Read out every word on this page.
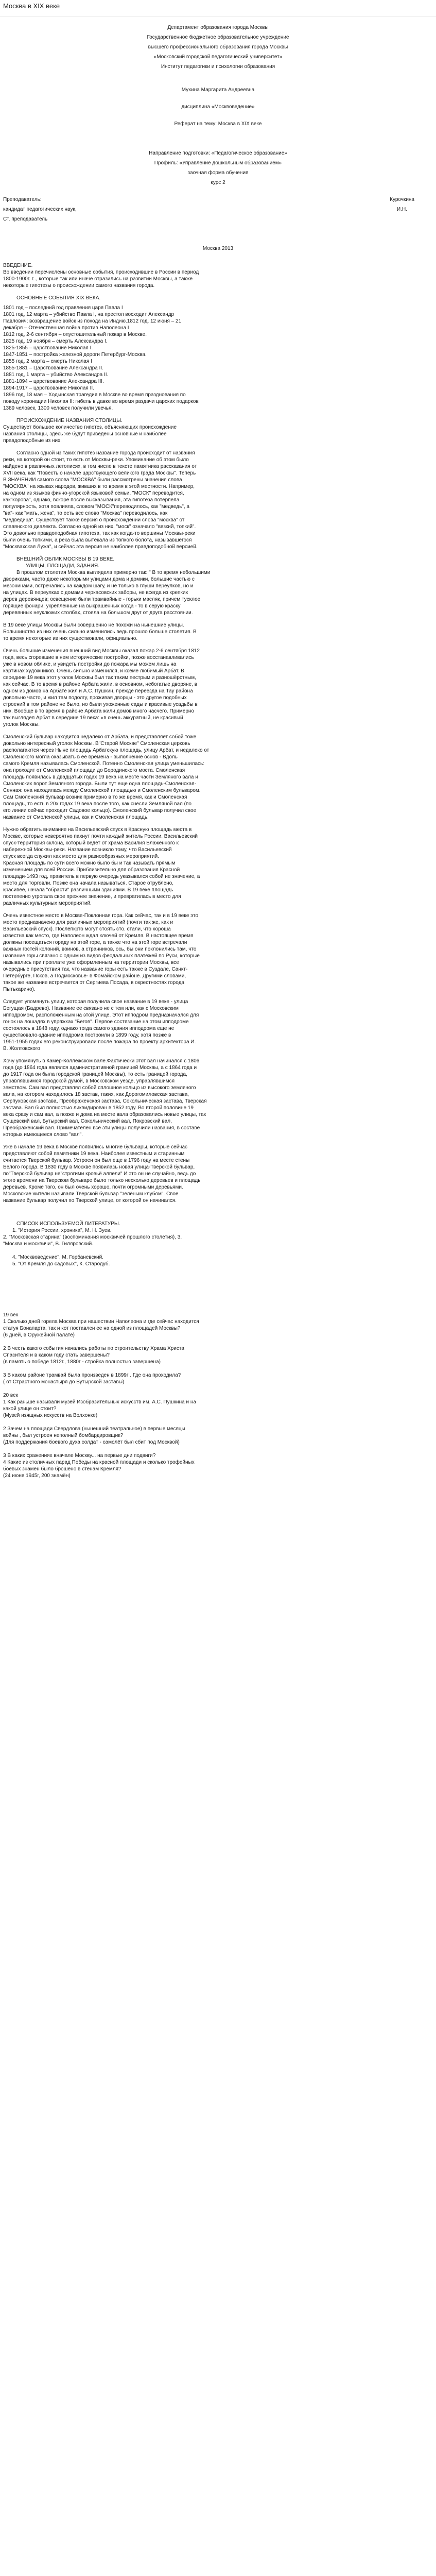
Москва в XIX веке
Департамент образования города Москвы
Государственное бюджетное образовательное учреждение
высшего профессионального образования города Москвы
«Московский городской педагогический университет»
Институт педагогики и психологии образования
Мухина Маргарита Андреевна
дисциплина «Москвоведение»
Реферат на тему: Москва в XIX веке
Направление подготовки: «Педагогическое образование»
Профиль: «Управление дошкольным образованием»
заочная форма обучения
курс 2
Преподаватель:	Курочкина
кандидат педагогических наук,	И.Н.
Ст. преподаватель
Москва 2013
ВВЕДЕНИЕ.
Во введении перечислены основные события, происходившие в России в период
1800-1900г. г.., которые так или иначе отразились на развитии Москвы, а также
некоторые гипотезы о происхождении самого названия города.
ОСНОВНЫЕ СОБЫТИЯ XIX ВЕКА.
1801 год – последний год правления царя Павла I
1801 год, 12 марта – убийство Павла I, на престол восходит Александр
Павлович; возвращение войск из похода на Индию.1812 год, 12 июня – 21
декабря – Отечественная война против Наполеона I
1812 год, 2-6 сентября – опустошительный пожар в Москве.
1825 год, 19 ноября – смерть Александра I.
1825-1855 – царствование Николая I.
1847-1851 – постройка железной дороги Петербург-Москва.
1855 год, 2 марта – смерть Николая I
1855-1881 – Царствование Александра II.
1881 год, 1 марта – убийство Александра II.
1881-1894 – царствование Александра III.
1894-1917 – царствование Николая II.
1896 год, 18 мая – Ходынская трагедия в Москве во время празднования по
поводу коронации Николая II: гибель в давке во время раздачи царских подарков
1389 человек, 1300 человек получили увечья.
ПРОИСХОЖДЕНИЕ НАЗВАНИЯ СТОЛИЦЫ.
Существует большое количество гипотез, объясняющих происхождение
названия столицы, здесь же будут приведены основные и наиболее
правдоподобные из них.
Согласно одной из таких гипотез название города происходит от названия
реки, на которой он стоит, то есть от Москвы-реки. Упоминание об этом было
найдено в различных летописях, в том числе в тексте памятника рассказания от
XVII века, как "Повесть о начале царствующего великого града Москвы". Теперь
В ЗНАЧЕНИИ самого слова "МОСКВА" были рассмотрены значения слова
"МОСКВА" на языках народов, живших в то время в этой местности. Например,
на одном из языков финно-угорской языковой семьи, "МОСК" переводится,
как"корова", однако, вскоре после высказывания, эта гипотеза потерпела
популярность, хотя повлияла, словом "МОСК"переводилось, как "медведь", а
"ва"- как "мать, жена", то есть все слово "Москва" переводилось, как
"медведица". Существует также версия о происхождении слова "москва" от
славянского диалекта. Согласно одной из них, "моск" означало "вязкий, топкий".
Это довольно правдоподобная гипотеза, так как когда-то вершины Москвы-реки
были очень топкими, а река была вытекала из топкого болота, называвшегося
"Москвахская Лужа", и сейчас эта версия не наиболее правдоподобной версией.
ВНЕШНИЙ ОБЛИК МОСКВЫ В 19 ВЕКЕ.
УЛИЦЫ, ПЛОЩАДИ, ЗДАНИЯ.
В прошлом столетия Москва выглядела примерно так: " В то время небольшими
двориками, часто даже некоторыми улицами дома и домики, большие частью с
мезонинами, встречались на каждом шагу, и не только в глуши переулков, но и
на улицах. В переулках с домами черкасовских заборы, не всегда из крепких
дерев деревянцев; освещение были трамвайные - горьки масляк, причем тусклое
горящие фонари, укрепленные на выкрашенных когда - то в серую краску
деревянных неуклюжих столбах, стояла на большом друг от друга расстоянии.
В 19 веке улицы Москвы были совершенно не похожи на нынешние улицы.
Большинство из них очень сильно изменились ведь прошло больше столетия. В
то время некоторые из них существовали, официально.
Очень большие изменения внешний вид Москвы оказал пожар 2-6 сентября 1812
года, весь сгоревшие в нем исторические постройки, позже восстанавливались
уже в новом облике, и увидеть постройки до пожара мы можем лишь на
картинах художников. Очень сильно изменился, и ксеме любимый Арбат. В
середине 19 века этот уголок Москвы был так таким пестрым и разношёрстным,
как сейчас. В то время в районе Арбата жили, в основном, небогатые дворяне, в
одном из домов на Арбате жил и А.С. Пушкин, прежде переезда на Тау района
довольно часто, и жил там подолгу, проживая дворцы - это другое подобных
строений в том районе не было, но были ухоженные сады и красивые усадьбы в
них. Вообще в то время в районе Арбата жили домов много насчего. Примерно
так выглядел Арбат в середине 19 века: «в очень аккуратный, не красивый
уголок Москвы.
Смоленский бульвар находится недалеко от Арбата, и представляет собой тоже
довольно интересный уголок Москвы. В"Старой Москве" Смоленская церковь
располагаются через Ныне площадь Арбатскую площадь, улицу Арбат, и недалеко от
Смоленского могла оказывать в ее времена - выполнение основ - Вдоль
самого Кремля называлась Смоленской. Потенно Смоленская улица уменьшилась:
она проходит от Смоленской площади до Бородинского моста. Смоленская
площадь появилась в двадцатых годах 19 века на месте части Земляного вала и
Смоленских ворот Земляного города. Были тут еще одна площадь-Смоленская-
Сенная: она находилась между Смоленской площадью и Смоленским бульваром.
Сам Смоленский бульвар возник примерно в то же время, как и Смоленская
площадь, то есть в 20х годах 19 века после того, как снесли Земляной вал (по
его линии сейчас проходит Садовое кольцо). Смоленский бульвар получил свое
название от Смоленской улицы, как и Смоленская площадь.
Нужно обратить внимание на Васильевский спуск в Красную площадь места в
Москве, которые невероятно пахнут почти каждый житель России. Васильевский
спуск-территория склона, который ведет от храма Василия Блаженного к
набережной Москвы-реки. Название возникло тому, что Васильевский
спуск всегда служил как место для разнообразных мероприятий.
Красная площадь по сути всего можно было бы и так называть прямым
изменением для всей России. Приблизительно для образования Красной
площади-1493 год, правитель в первую очередь указывался собой не значение, а
место для торговли. Позже она начала называться. Старое отрублено,
красивее, начала "обрасти" различными зданиями. В 19 веке площадь
постепенно угрогала свое прежнее значение, и превратилась в место для
различных культурных мероприятий.
Очень известное место в Москве-Поклонная гора. Как сейчас, так и в 19 веке это
место предназначено для различных мероприятий (почти так же, как и
Васильевский спуск). Поcлепкрто могут стоять сто. стали, что хороша
известна как место, где Наполеон ждал ключей от Кремля. В настоящее время
должны посещаться гораду на этой горе, а также что на этой горе встречали
важных гостей колоний, воинов, а странников, ось, бы они поклонились там, что
название горы связано с одним из видов феодальных платежей по Руси, которые
назывались при проплате уже оформленным на территории Москвы, все
очередные присутствия так, что название горы есть также в Суздале, Санкт-
Петербурге, Псков, а Подмосковье- в Фомайском районе. Другими словами,
такое же название встречается от Сергиева Посада, в окрестностях города
Пытькарино).
Следует упомянуть улицу, которая получила свое название в 19 веке - улица
Бегущая (Бадрево). Название ее связано не с тем или, как с Московским
ипподромом, расположенным на этой улице. Этот ипподром предназначался для
гонок на лошадях в упряжках "Бегов". Первое состязание на этом ипподроме
состоялось в 1848 году, однако тогда самого здания ипподрома еще не
существовало-здание ипподрома построили в 1899 году, хотя позже в
1951-1955 годах его реконструировали после пожара по проекту архитектора И.
В. Жолтовского
Хочу упомянуть в Камер-Коллежском вале.Фактически этот вал начинался с 1806
года (до 1864 года являлся административной границей Москвы, а с 1864 года и
до 1917 года он была городской границей Москвы), то есть границей города,
управлявшимся городской думой, в Московском уезде, управлявшимся
земством. Сам вал представлял собой сплошное кольцо из высокого земляного
вала, на котором находилось 18 застав, таких, как Дорогомиловская застава,
Серпуховская застава, Преображенская застава, Сокольническая застава, Тверская
застава. Вал был полностью ликвидирован в 1852 году. Во второй половине 19
века сразу и сам вал, а позже и дома на месте вала образовались новые улицы, так
Сущевский вал, Бутырский вал, Сокольнический вал, Покровский вал,
Преображенский вал. Примечателен все эти улицы получили названия, в составе
которых имеющееся слово "вал".
Уже в начале 19 века в Москве появились многие бульвары, которые сейчас
представляют собой памятники 19 века. Наиболее известным и старинным
считается Тверской бульвар. Устроен он был еще в 1796 году на месте стены
Белого города. В 1830 году в Москве появилась новая улица-Тверской бульвар,
по"Тверской бульвар не"строгими кровьё алпели" И это он не случайно, ведь до
этого времени на Тверском бульваре было только несколько деревьев и площадь
деревьев. Кроме того, он был очень хорошо, почти огромными деревьями.
Московские жители называли Тверской бульвар "зелёным клубом". Свое
название бульвар получил по Тверской улице, от которой он начинался.
СПИСОК ИСПОЛЬЗУЕМОЙ ЛИТЕРАТУРЫ.
1. "История России, хроника", М. Н. Зуев.
2. "Московская старина" (воспоминания москвичей прошлого столетия), 3.
"Москва и москвичи", В. Гиляровский.

4. "Москвоведение", М. Горбаневский.
5. "От Кремля до садовых", К. Стародуб.
19 век
1 Сколько дней горела Москва при нашествии Наполеона и где сейчас находится
статуя Бонапарта, так и кот поставлен ее на одной из площадей Москвы?
(6 дней, в Оружейной палате)

2 В честь какого события начались работы по строительству Храма Христа
Спасителя и в каком году стать завершены?
(в память о победе 1812г., 1880г - стройка полностью завершена)

3 В каком районе трамвай была произведен в 1899г . Где она проходила?
( от Страстного монастыря до Бутырской заставы)

20 век
1 Как раньше называли музей Изобразительных искусств им. А.С. Пушкина и на
какой улице он стоит?
(Музей изящных искусств на Волхонке)

2 Зачем на площади Свердлова (нынешний театральное) в первые месяцы
войны , был устроен неполный бомбардировщик?
(Для поддержания боевого духа солдат - самолёт был сбит под Москвой)

3 В каких сражениях вначале Москву... на первые дни подвиги?
4 Какие из столичных парад Победы на красной площади и сколько трофейных
боевых знамен было брошено в стенам Кремля?
(24 июня 1945г, 200 знамён)
